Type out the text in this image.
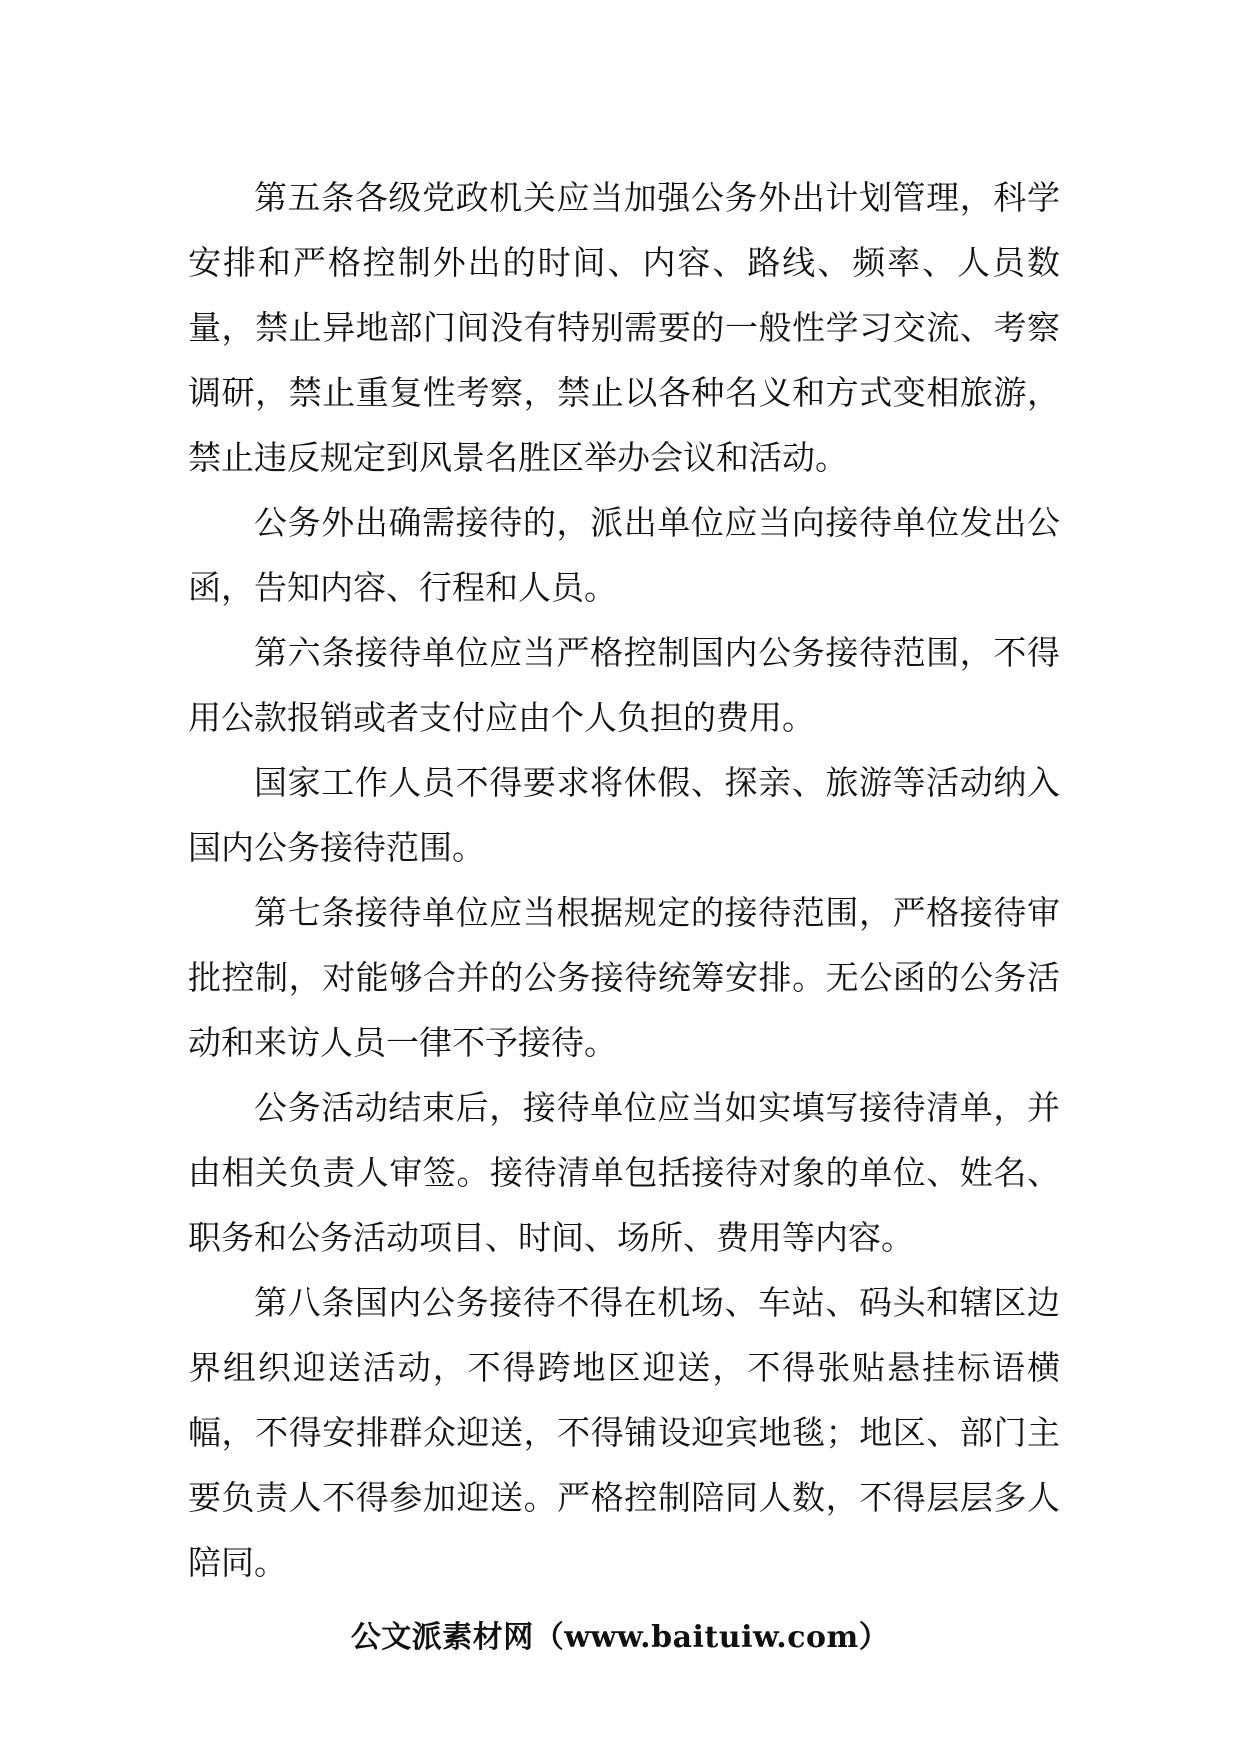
第五条各级党政机关应当加强公务外出计划管理，科学安排和严格控制外出的时间、内容、路线、频率、人员数量，禁止异地部门间没有特别需要的一般性学习交流、考察调研，禁止重复性考察，禁止以各种名义和方式变相旅游，禁止违反规定到风景名胜区举办会议和活动。

公务外出确需接待的，派出单位应当向接待单位发出公函，告知内容、行程和人员。

第六条接待单位应当严格控制国内公务接待范围，不得用公款报销或者支付应由个人负担的费用。

国家工作人员不得要求将休假、探亲、旅游等活动纳入国内公务接待范围。

第七条接待单位应当根据规定的接待范围，严格接待审批控制，对能够合并的公务接待统筹安排。无公函的公务活动和来访人员一律不予接待。

公务活动结束后，接待单位应当如实填写接待清单，并由相关负责人审签。接待清单包括接待对象的单位、姓名、职务和公务活动项目、时间、场所、费用等内容。

第八条国内公务接待不得在机场、车站、码头和辖区边界组织迎送活动，不得跨地区迎送，不得张贴悬挂标语横幅，不得安排群众迎送，不得铺设迎宾地毯；地区、部门主要负责人不得参加迎送。严格控制陪同人数，不得层层多人陪同。

公文派素材网（www.baituiw.com）
